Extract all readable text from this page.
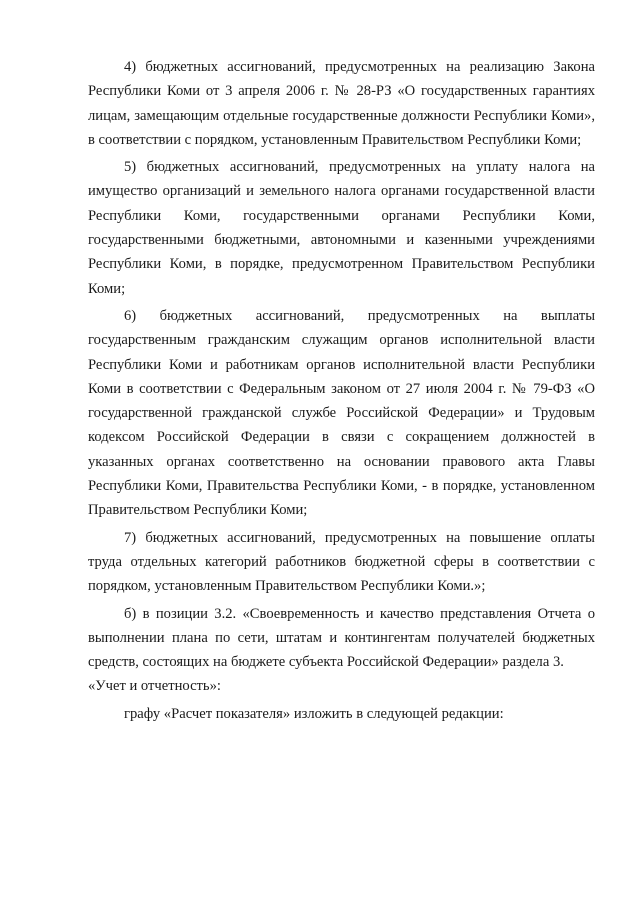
4) бюджетных ассигнований, предусмотренных на реализацию Закона Республики Коми от 3 апреля 2006 г. № 28-РЗ «О государственных гарантиях лицам, замещающим отдельные государственные должности Республики Коми», в соответствии с порядком, установленным Правительством Республики Коми;

5) бюджетных ассигнований, предусмотренных на уплату налога на имущество организаций и земельного налога органами государственной власти Республики Коми, государственными органами Республики Коми, государственными бюджетными, автономными и казенными учреждениями Республики Коми, в порядке, предусмотренном Правительством Республики Коми;

6) бюджетных ассигнований, предусмотренных на выплаты государственным гражданским служащим органов исполнительной власти Республики Коми и работникам органов исполнительной власти Республики Коми в соответствии с Федеральным законом от 27 июля 2004 г. № 79-ФЗ «О государственной гражданской службе Российской Федерации» и Трудовым кодексом Российской Федерации в связи с сокращением должностей в указанных органах соответственно на основании правового акта Главы Республики Коми, Правительства Республики Коми, - в порядке, установленном Правительством Республики Коми;

7) бюджетных ассигнований, предусмотренных на повышение оплаты труда отдельных категорий работников бюджетной сферы в соответствии с порядком, установленным Правительством Республики Коми.»;

б) в позиции 3.2. «Своевременность и качество представления Отчета о выполнении плана по сети, штатам и контингентам получателей бюджетных средств, состоящих на бюджете субъекта Российской Федерации» раздела 3.

«Учет и отчетность»:

графу «Расчет показателя» изложить в следующей редакции:
